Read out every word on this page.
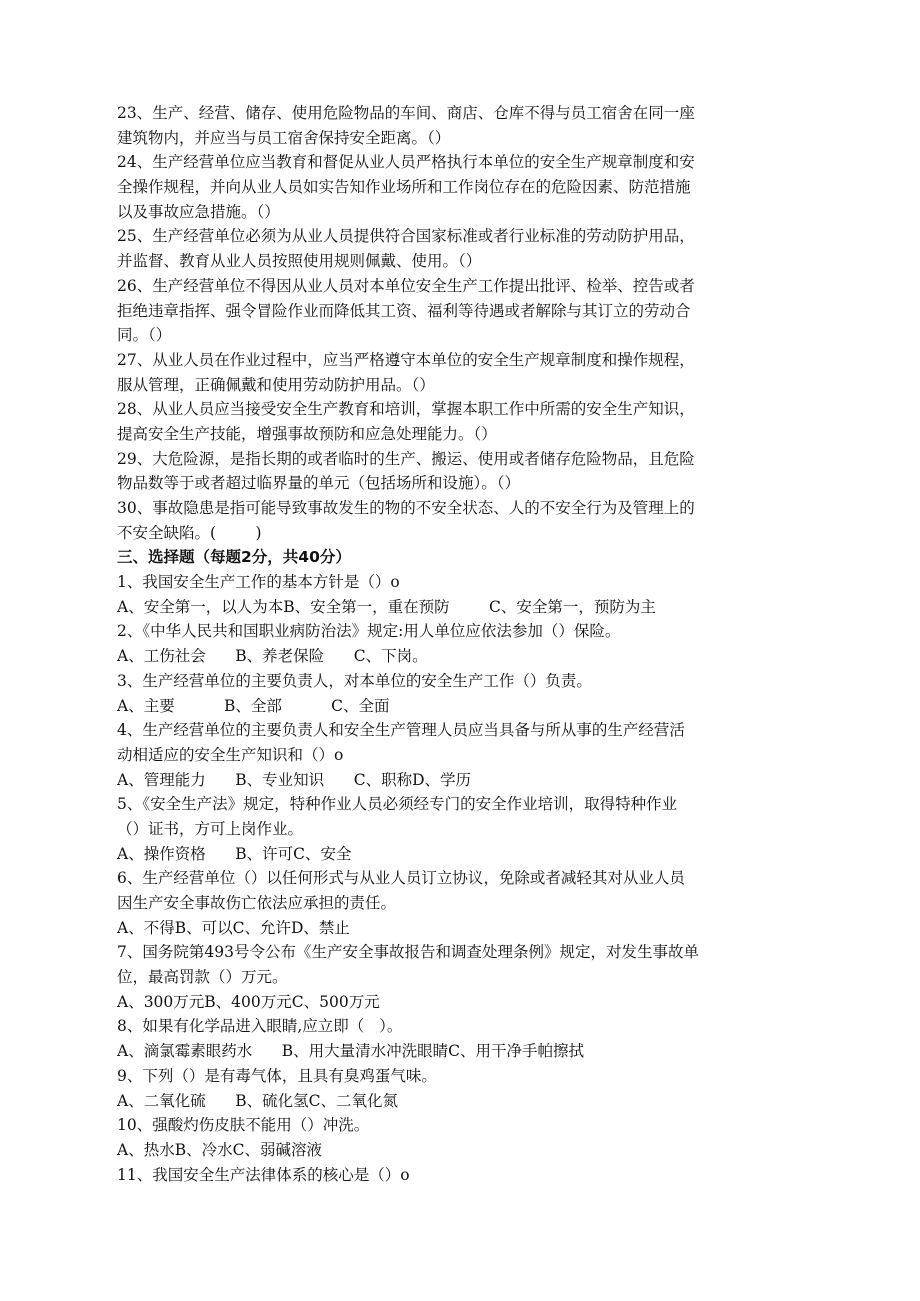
23、生产、经营、储存、使用危险物品的车间、商店、仓库不得与员工宿舍在同一座
建筑物内，并应当与员工宿舍保持安全距离。（）
24、生产经营单位应当教育和督促从业人员严格执行本单位的安全生产规章制度和安
全操作规程，并向从业人员如实告知作业场所和工作岗位存在的危险因素、防范措施
以及事故应急措施。（）
25、生产经营单位必须为从业人员提供符合国家标准或者行业标准的劳动防护用品，
并监督、教育从业人员按照使用规则佩戴、使用。（）
26、生产经营单位不得因从业人员对本单位安全生产工作提出批评、检举、控告或者
拒绝违章指挥、强令冒险作业而降低其工资、福利等待遇或者解除与其订立的劳动合
同。（）
27、从业人员在作业过程中，应当严格遵守本单位的安全生产规章制度和操作规程，
服从管理，正确佩戴和使用劳动防护用品。（）
28、从业人员应当接受安全生产教育和培训，掌握本职工作中所需的安全生产知识，
提高安全生产技能，增强事故预防和应急处理能力。（）
29、大危险源，是指长期的或者临时的生产、搬运、使用或者储存危险物品，且危险
物品数等于或者超过临界量的单元（包括场所和设施）。（）
30、事故隐患是指可能导致事故发生的物的不安全状态、人的不安全行为及管理上的
不安全缺陷。(        )
三、选择题（每题2分，共40分）
1、我国安全生产工作的基本方针是（）o
A、安全第一，以人为本B、安全第一，重在预防        C、安全第一，预防为主
2、《中华人民共和国职业病防治法》规定:用人单位应依法参加（）保险。
A、工伤社会      B、养老保险      C、下岗。
3、生产经营单位的主要负责人，对本单位的安全生产工作（）负责。
A、主要          B、全部          C、全面
4、生产经营单位的主要负责人和安全生产管理人员应当具备与所从事的生产经营活
动相适应的安全生产知识和（）o
A、管理能力      B、专业知识      C、职称D、学历
5、《安全生产法》规定，特种作业人员必须经专门的安全作业培训，取得特种作业
（）证书，方可上岗作业。
A、操作资格      B、许可C、安全
6、生产经营单位（）以任何形式与从业人员订立协议，免除或者减轻其对从业人员
因生产安全事故伤亡依法应承担的责任。
A、不得B、可以C、允许D、禁止
7、国务院第493号令公布《生产安全事故报告和调查处理条例》规定，对发生事故单
位，最高罚款（）万元。
A、300万元B、400万元C、500万元
8、如果有化学品进入眼睛,应立即（   ）。
A、滴氯霉素眼药水      B、用大量清水冲洗眼睛C、用干净手帕擦拭
9、下列（）是有毒气体，且具有臭鸡蛋气味。
A、二氧化硫      B、硫化氢C、二氧化氮
10、强酸灼伤皮肤不能用（）冲洗。
A、热水B、冷水C、弱碱溶液
11、我国安全生产法律体系的核心是（）o
